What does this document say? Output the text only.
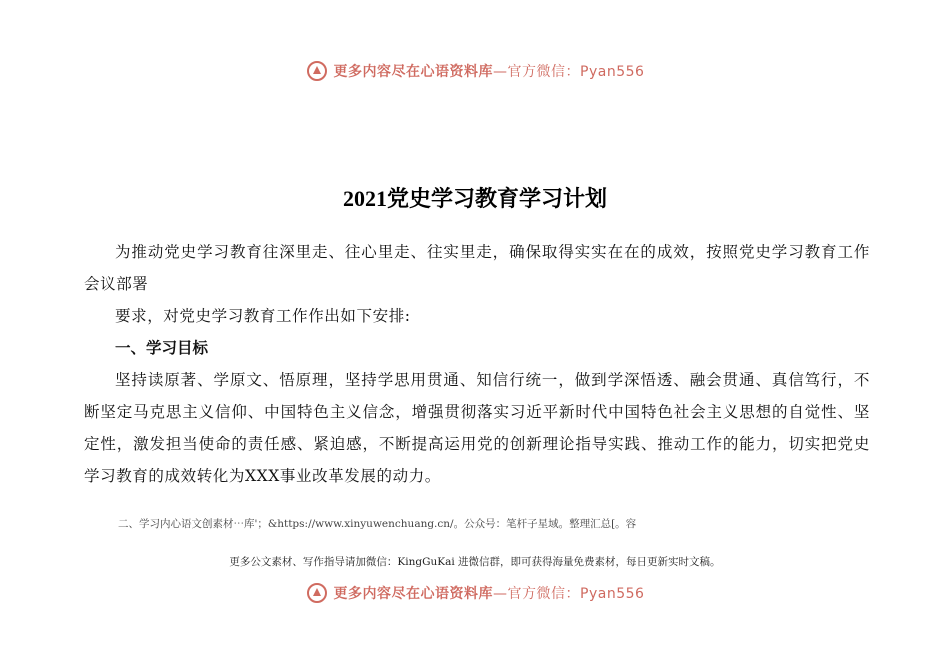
更多内容尽在心语资料库—官方微信：Pyan556
2021党史学习教育学习计划

为推动党史学习教育往深里走、往心里走、往实里走，确保取得实实在在的成效，按照党史学习教育工作会议部署

要求，对党史学习教育工作作出如下安排:

一、学习目标

坚持读原著、学原文、悟原理，坚持学思用贯通、知信行统一，做到学深悟透、融会贯通、真信笃行，不断坚定马克思主义信仰、中国特色主义信念，增强贯彻落实习近平新时代中国特色社会主义思想的自觉性、坚定性，激发担当使命的责任感、紧迫感，不断提高运用党的创新理论指导实践、推动工作的能力，切实把党史学习教育的成效转化为XXX事业改革发展的动力。

二、学习内心语文创素材⋯库'；&https://www.xinyuwenchuang.cn/。公众号：笔杆子星域。整理汇总[。容
更多公文素材、写作指导请加微信：KingGuKai 进微信群，即可获得海量免费素材，每日更新实时文稿。
更多内容尽在心语资料库—官方微信：Pyan556
